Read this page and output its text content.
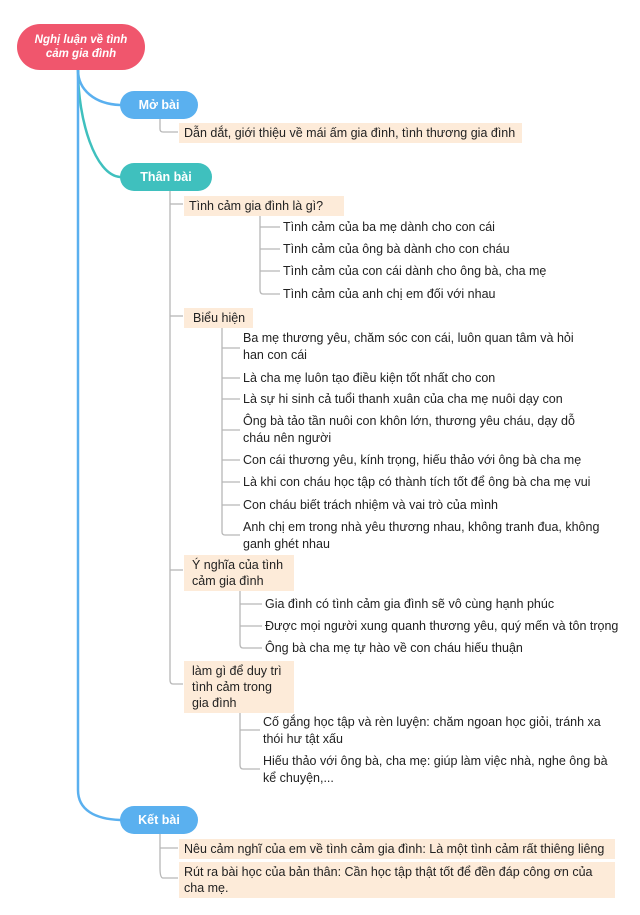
Nghị luận về tình cảm gia đình
Mở bài
Dẫn dắt, giới thiệu về mái ấm gia đình, tình thương gia đình
Thân bài
Tình cảm gia đình là gì?
Tình cảm của ba mẹ dành cho con cái
Tình cảm của ông bà dành cho con cháu
Tình cảm của con cái dành cho ông bà, cha mẹ
Tình cảm của anh chị em đối với nhau
Biểu hiện
Ba mẹ thương yêu, chăm sóc con cái, luôn quan tâm và hỏi han con cái
Là cha mẹ luôn tạo điều kiện tốt nhất cho con
Là sự hi sinh cả tuổi thanh xuân của cha mẹ nuôi dạy con
Ông bà tảo tần nuôi con khôn lớn, thương yêu cháu, dạy dỗ cháu nên người
Con cái thương yêu, kính trọng, hiếu thảo với ông bà cha mẹ
Là khi con cháu học tập có thành tích tốt để ông bà cha mẹ vui
Con cháu biết trách nhiệm và vai trò của mình
Anh chị em trong nhà yêu thương nhau, không tranh đua, không ganh ghét nhau
Ý nghĩa của tình cảm gia đình
Gia đình có tình cảm gia đình sẽ vô cùng hạnh phúc
Được mọi người xung quanh thương yêu, quý mến và tôn trọng
Ông bà cha mẹ tự hào về con cháu hiếu thuận
làm gì để duy trì tình cảm trong gia đình
Cố gắng học tập và rèn luyện: chăm ngoan học giỏi, tránh xa thói hư tật xấu
Hiếu thảo với ông bà, cha mẹ: giúp làm việc nhà, nghe ông bà kể chuyện,...
Kết bài
Nêu cảm nghĩ của em về tình cảm gia đình: Là một tình cảm rất thiêng liêng
Rút ra bài học của bản thân: Cần học tập thật tốt để đền đáp công ơn của cha mẹ.
